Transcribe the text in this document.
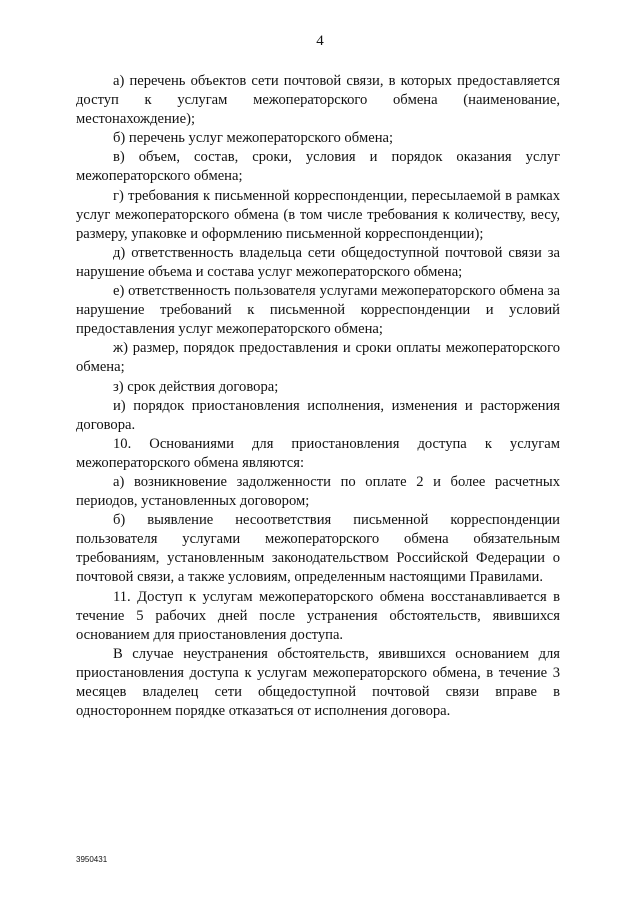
4

а) перечень объектов сети почтовой связи, в которых предоставляется доступ к услугам межоператорского обмена (наименование, местонахождение);

б) перечень услуг межоператорского обмена;

в) объем, состав, сроки, условия и порядок оказания услуг межоператорского обмена;

г) требования к письменной корреспонденции, пересылаемой в рамках услуг межоператорского обмена (в том числе требования к количеству, весу, размеру, упаковке и оформлению письменной корреспонденции);

д) ответственность владельца сети общедоступной почтовой связи за нарушение объема и состава услуг межоператорского обмена;

е) ответственность пользователя услугами межоператорского обмена за нарушение требований к письменной корреспонденции и условий предоставления услуг межоператорского обмена;

ж) размер, порядок предоставления и сроки оплаты межоператорского обмена;

з) срок действия договора;

и) порядок приостановления исполнения, изменения и расторжения договора.

10. Основаниями для приостановления доступа к услугам межоператорского обмена являются:

а) возникновение задолженности по оплате 2 и более расчетных периодов, установленных договором;

б) выявление несоответствия письменной корреспонденции пользователя услугами межоператорского обмена обязательным требованиям, установленным законодательством Российской Федерации о почтовой связи, а также условиям, определенным настоящими Правилами.

11. Доступ к услугам межоператорского обмена восстанавливается в течение 5 рабочих дней после устранения обстоятельств, явившихся основанием для приостановления доступа.

В случае неустранения обстоятельств, явившихся основанием для приостановления доступа к услугам межоператорского обмена, в течение 3 месяцев владелец сети общедоступной почтовой связи вправе в одностороннем порядке отказаться от исполнения договора.

3950431
